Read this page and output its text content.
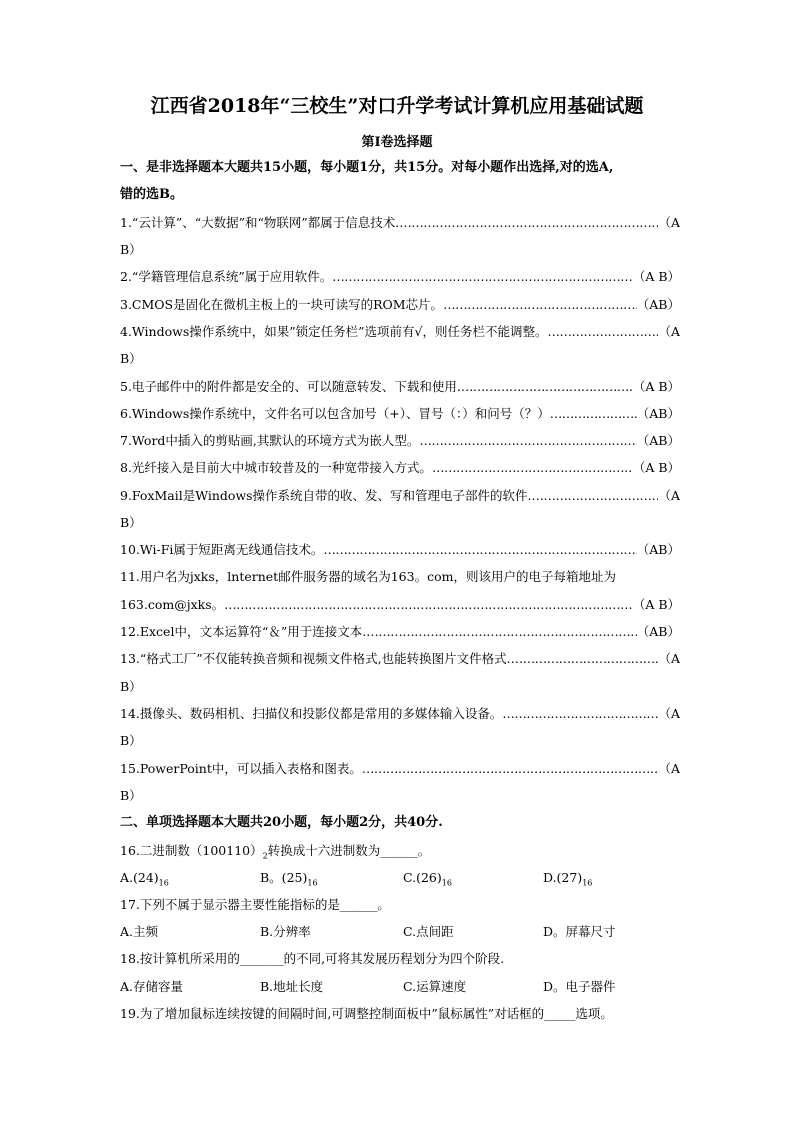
江西省2018年“三校生”对口升学考试计算机应用基础试题
第Ⅰ卷选择题
一、是非选择题本大题共15小题，每小题1分，共15分。对每小题作出选择,对的选A,
错的选B。
1.“云计算”、“大数据”和“物联网”都属于信息技术. …………………………………………………………………………………………………………………………………………	（A
B）
2.“学籍管理信息系统”属于应用软件。 …………………………………………………………………………………………………………………………………………	（A B）
3.CMOS是固化在微机主板上的一块可读写的ROM芯片。 …………………………………………………………………………………………………………………………………………	（AB）
4.Windows操作系统中，如果”锁定任务栏”选项前有√，则任务栏不能调整。 …………………………………………………………………………………………………………………………………………	（A
B）
5.电子邮件中的附件都是安全的、可以随意转发、下载和使用. …………………………………………………………………………………………………………………………………………	（A B）
6.Windows操作系统中，文件名可以包含加号（+）、冒号（：）和问号（？） …………………………………………………………………………………………………………………………………………	（AB）
7.Word中插入的剪贴画,其默认的环境方式为嵌人型。 …………………………………………………………………………………………………………………………………………	（AB）
8.光纤接入是目前大中城市较普及的一种宽带接入方式。 …………………………………………………………………………………………………………………………………………	（A B）
9.FoxMail是Windows操作系统自带的收、发、写和管理电子部件的软件. …………………………………………………………………………………………………………………………………………	（A
B）
10.Wi-Fi属于短距离无线通信技术。 …………………………………………………………………………………………………………………………………………	（AB）
11.用户名为jxks，lnternet邮件服务器的域名为163。com，则该用户的电子每箱地址为
163.com@jxks。 …………………………………………………………………………………………………………………………………………	（A B）
12.Excel中，文本运算符“＆”用于连接文本. …………………………………………………………………………………………………………………………………………	（AB）
13.“格式工厂”不仅能转换音频和视频文件格式,也能转换图片文件格式. …………………………………………………………………………………………………………………………………………	（A
B）
14.摄像头、数码相机、扫描仪和投影仪都是常用的多媒体输入设备。 …………………………………………………………………………………………………………………………………………	（A
B）
15.PowerPoint中，可以插入表格和图表。 …………………………………………………………………………………………………………………………………………	（A
B）
二、单项选择题本大题共20小题，每小题2分，共40分.
16.二进制数$(100110)_2$转换成十六进制数为______。
$A.(24)_{16}$	B。$(25)_{16}$	$C.(26)_{16}$	$D.(27)_{16}$
17.下列不属于显示器主要性能指标的是______。
A.主频	B.分辨率	C.点间距	D。屏幕尺寸
18.按计算机所采用的_______的不同,可将其发展历程划分为四个阶段.
A.存储容量	B.地址长度	C.运算速度	D。电子器件
19.为了增加鼠标连续按键的间隔时间,可调整控制面板中”鼠标属性”对话框的_____选项。
